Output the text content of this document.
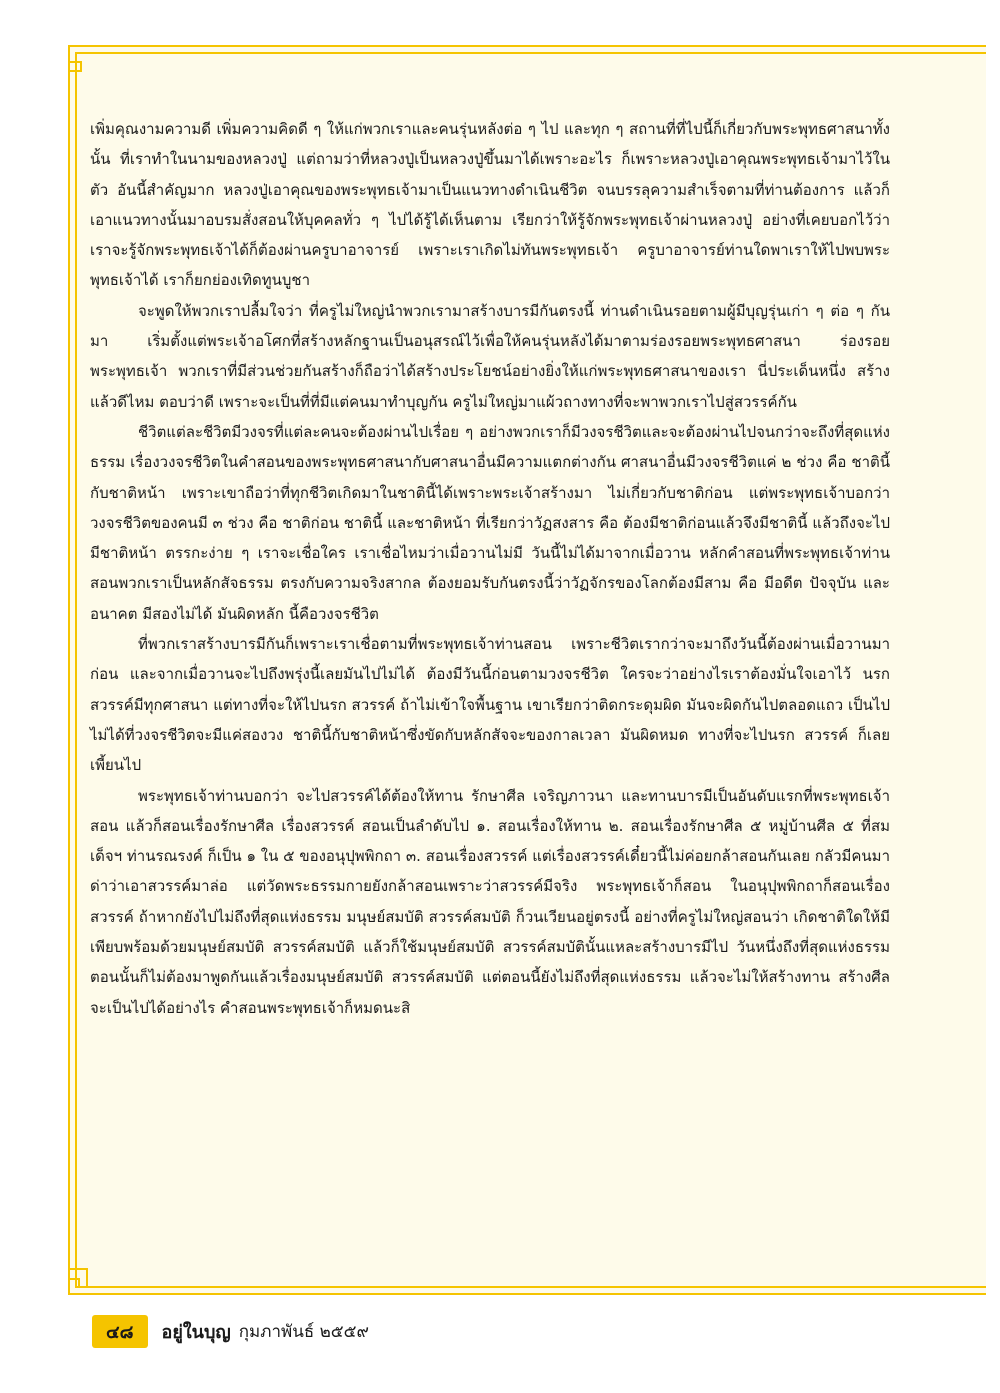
เพิ่มคุณงามความดี เพิ่มความคิดดี ๆ ให้แก่พวกเราและคนรุ่นหลังต่อ ๆ ไป และทุก ๆ สถานที่ที่ไปนี้ก็เกี่ยวกับพระพุทธศาสนาทั้งนั้น ที่เราทำในนามของหลวงปู่ แต่ถามว่าที่หลวงปู่เป็นหลวงปู่ขึ้นมาได้เพราะอะไร ก็เพราะหลวงปู่เอาคุณพระพุทธเจ้ามาไว้ในตัว อันนี้สำคัญมาก หลวงปู่เอาคุณของพระพุทธเจ้ามาเป็นแนวทางดำเนินชีวิต จนบรรลุความสำเร็จตามที่ท่านต้องการ แล้วก็เอาแนวทางนั้นมาอบรมสั่งสอนให้บุคคลทั่ว ๆ ไปได้รู้ได้เห็นตาม เรียกว่าให้รู้จักพระพุทธเจ้าผ่านหลวงปู่ อย่างที่เคยบอกไว้ว่า เราจะรู้จักพระพุทธเจ้าได้ก็ต้องผ่านครูบาอาจารย์ เพราะเราเกิดไม่ทันพระพุทธเจ้า ครูบาอาจารย์ท่านใดพาเราให้ไปพบพระพุทธเจ้าได้ เราก็ยกย่องเทิดทูนบูชา

จะพูดให้พวกเราปลื้มใจว่า ที่ครูไม่ใหญ่นำพวกเรามาสร้างบารมีกันตรงนี้ ท่านดำเนินรอยตามผู้มีบุญรุ่นเก่า ๆ ต่อ ๆ กันมา เริ่มตั้งแต่พระเจ้าอโศกที่สร้างหลักฐานเป็นอนุสรณ์ไว้เพื่อให้คนรุ่นหลังได้มาตามร่องรอยพระพุทธศาสนา ร่องรอยพระพุทธเจ้า พวกเราที่มีส่วนช่วยกันสร้างก็ถือว่าได้สร้างประโยชน์อย่างยิ่งให้แก่พระพุทธศาสนาของเรา นี่ประเด็นหนึ่ง สร้างแล้วดีไหม ตอบว่าดี เพราะจะเป็นที่ที่มีแต่คนมาทำบุญกัน ครูไม่ใหญ่มาแผ้วถางทางที่จะพาพวกเราไปสู่สวรรค์กัน

ชีวิตแต่ละชีวิตมีวงจรที่แต่ละคนจะต้องผ่านไปเรื่อย ๆ อย่างพวกเราก็มีวงจรชีวิตและจะต้องผ่านไปจนกว่าจะถึงที่สุดแห่งธรรม เรื่องวงจรชีวิตในคำสอนของพระพุทธศาสนากับศาสนาอื่นมีความแตกต่างกัน ศาสนาอื่นมีวงจรชีวิตแค่ ๒ ช่วง คือ ชาตินี้กับชาติหน้า เพราะเขาถือว่าที่ทุกชีวิตเกิดมาในชาตินี้ได้เพราะพระเจ้าสร้างมา ไม่เกี่ยวกับชาติก่อน แต่พระพุทธเจ้าบอกว่า วงจรชีวิตของคนมี ๓ ช่วง คือ ชาติก่อน ชาตินี้ และชาติหน้า ที่เรียกว่าวัฏสงสาร คือ ต้องมีชาติก่อนแล้วจึงมีชาตินี้ แล้วถึงจะไปมีชาติหน้า ตรรกะง่าย ๆ เราจะเชื่อใคร เราเชื่อไหมว่าเมื่อวานไม่มี วันนี้ไม่ได้มาจากเมื่อวาน หลักคำสอนที่พระพุทธเจ้าท่านสอนพวกเราเป็นหลักสัจธรรม ตรงกับความจริงสากล ต้องยอมรับกันตรงนี้ว่าวัฏจักรของโลกต้องมีสาม คือ มีอดีต ปัจจุบัน และอนาคต มีสองไม่ได้ มันผิดหลัก นี้คือวงจรชีวิต

ที่พวกเราสร้างบารมีกันก็เพราะเราเชื่อตามที่พระพุทธเจ้าท่านสอน เพราะชีวิตเรากว่าจะมาถึงวันนี้ต้องผ่านเมื่อวานมาก่อน และจากเมื่อวานจะไปถึงพรุ่งนี้เลยมันไปไม่ได้ ต้องมีวันนี้ก่อนตามวงจรชีวิต ใครจะว่าอย่างไรเราต้องมั่นใจเอาไว้ นรก สวรรค์มีทุกศาสนา แต่ทางที่จะให้ไปนรก สวรรค์ ถ้าไม่เข้าใจพื้นฐาน เขาเรียกว่าติดกระดุมผิด มันจะผิดกันไปตลอดแถว เป็นไปไม่ได้ที่วงจรชีวิตจะมีแค่สองวง ชาตินี้กับชาติหน้าซึ่งขัดกับหลักสัจจะของกาลเวลา มันผิดหมด ทางที่จะไปนรก สวรรค์ ก็เลยเพี้ยนไป

พระพุทธเจ้าท่านบอกว่า จะไปสวรรค์ได้ต้องให้ทาน รักษาศีล เจริญภาวนา และทานบารมีเป็นอันดับแรกที่พระพุทธเจ้าสอน แล้วก็สอนเรื่องรักษาศีล เรื่องสวรรค์ สอนเป็นลำดับไป ๑. สอนเรื่องให้ทาน ๒. สอนเรื่องรักษาศีล ๕ หมู่บ้านศีล ๕ ที่สมเด็จฯ ท่านรณรงค์ ก็เป็น ๑ ใน ๕ ของอนุปุพพิกถา ๓. สอนเรื่องสวรรค์ แต่เรื่องสวรรค์เดี๋ยวนี้ไม่ค่อยกล้าสอนกันเลย กลัวมีคนมาด่าว่าเอาสวรรค์มาล่อ แต่วัดพระธรรมกายยังกล้าสอนเพราะว่าสวรรค์มีจริง พระพุทธเจ้าก็สอน ในอนุปุพพิกถาก็สอนเรื่องสวรรค์ ถ้าหากยังไปไม่ถึงที่สุดแห่งธรรม มนุษย์สมบัติ สวรรค์สมบัติ ก็วนเวียนอยู่ตรงนี้ อย่างที่ครูไม่ใหญ่สอนว่า เกิดชาติใดให้มีเพียบพร้อมด้วยมนุษย์สมบัติ สวรรค์สมบัติ แล้วก็ใช้มนุษย์สมบัติ สวรรค์สมบัตินั้นแหละสร้างบารมีไป วันหนึ่งถึงที่สุดแห่งธรรม ตอนนั้นก็ไม่ต้องมาพูดกันแล้วเรื่องมนุษย์สมบัติ สวรรค์สมบัติ แต่ตอนนี้ยังไม่ถึงที่สุดแห่งธรรม แล้วจะไม่ให้สร้างทาน สร้างศีล จะเป็นไปได้อย่างไร คำสอนพระพุทธเจ้าก็หมดนะสิ

๔๘	อยู่ในบุญ กุมภาพันธ์ ๒๕๕๙
